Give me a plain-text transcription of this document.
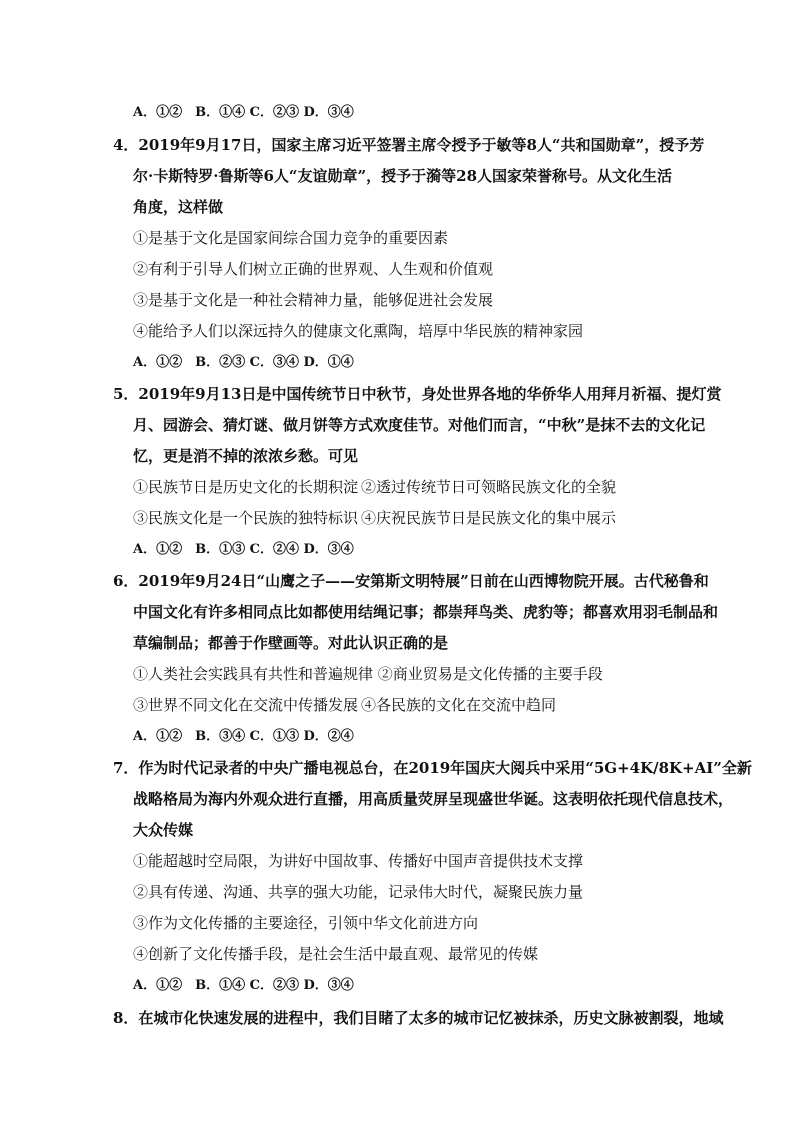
A．①②　B．①④ C．②③ D．③④
4．2019年9月17日，国家主席习近平签署主席令授予于敏等8人“共和国勋章”，授予芳
尔·卡斯特罗·鲁斯等6人“友谊勋章”，授予于漪等28人国家荣誉称号。从文化生活
角度，这样做
①是基于文化是国家间综合国力竞争的重要因素
②有利于引导人们树立正确的世界观、人生观和价值观
③是基于文化是一种社会精神力量，能够促进社会发展
④能给予人们以深远持久的健康文化熏陶，培厚中华民族的精神家园
A．①②　B．②③ C．③④ D．①④
5．2019年9月13日是中国传统节日中秋节，身处世界各地的华侨华人用拜月祈福、提灯赏
月、园游会、猜灯谜、做月饼等方式欢度佳节。对他们而言，“中秋”是抹不去的文化记
忆，更是消不掉的浓浓乡愁。可见
①民族节日是历史文化的长期积淀 ②透过传统节日可领略民族文化的全貌
③民族文化是一个民族的独特标识 ④庆祝民族节日是民族文化的集中展示
A．①②　B．①③ C．②④ D．③④
6．2019年9月24日“山鹰之子——安第斯文明特展”日前在山西博物院开展。古代秘鲁和
中国文化有许多相同点比如都使用结绳记事；都崇拜鸟类、虎豹等；都喜欢用羽毛制品和
草编制品；都善于作壁画等。对此认识正确的是
①人类社会实践具有共性和普遍规律 ②商业贸易是文化传播的主要手段
③世界不同文化在交流中传播发展 ④各民族的文化在交流中趋同
A．①②　B．③④ C．①③ D．②④
7．作为时代记录者的中央广播电视总台，在2019年国庆大阅兵中采用“5G+4K/8K+AI”全新
战略格局为海内外观众进行直播，用高质量荧屏呈现盛世华诞。这表明依托现代信息技术，
大众传媒
①能超越时空局限，为讲好中国故事、传播好中国声音提供技术支撑
②具有传递、沟通、共享的强大功能，记录伟大时代，凝聚民族力量
③作为文化传播的主要途径，引领中华文化前进方向
④创新了文化传播手段，是社会生活中最直观、最常见的传媒
A．①②　B．①④ C．②③ D．③④
8．在城市化快速发展的进程中，我们目睹了太多的城市记忆被抹杀，历史文脉被割裂，地域
